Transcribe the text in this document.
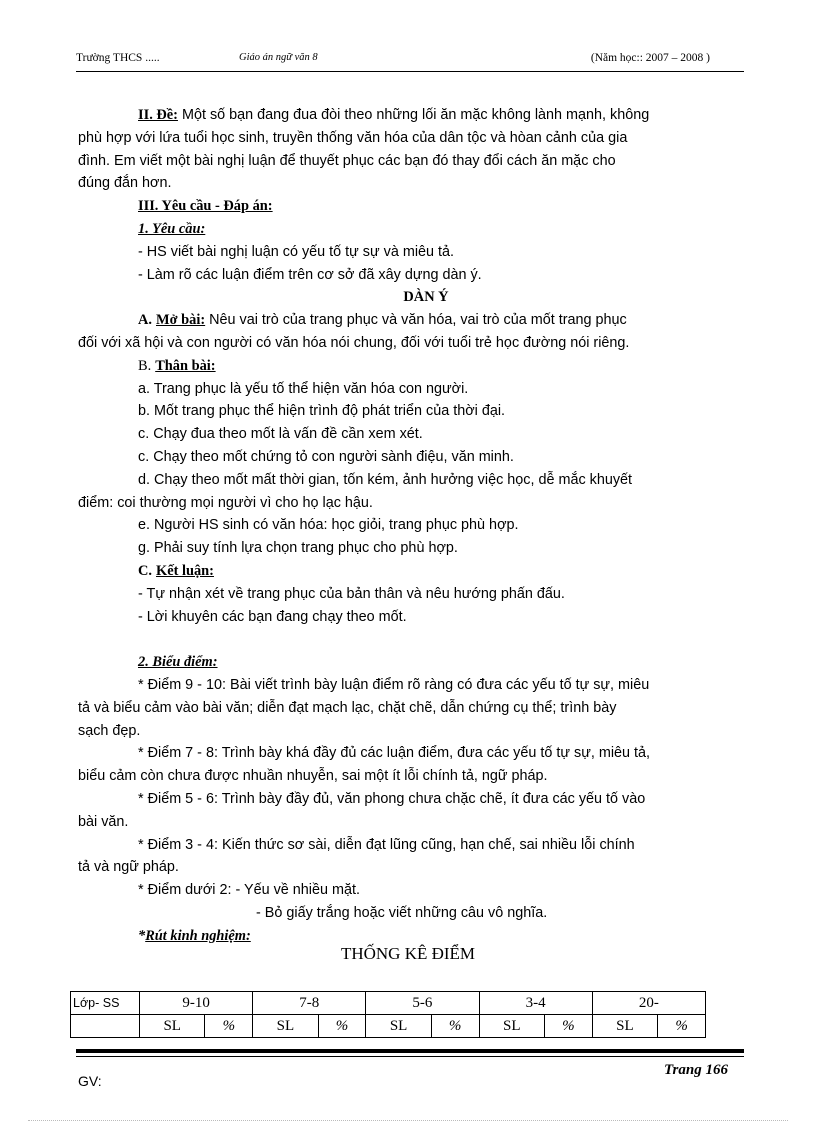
Trường THCS .....	Giáo án ngữ văn 8	(Năm học:: 2007 – 2008 )

II. Đề: Một số bạn đang đua đòi theo những lối ăn mặc không lành mạnh, không

phù hợp với lứa tuổi học sinh, truyền thống văn hóa của dân tộc và hòan cảnh của gia

đình. Em viết một bài nghị luận để thuyết phục các bạn đó thay đổi cách ăn mặc cho

đúng đắn hơn.

III. Yêu cầu - Đáp án:

1. Yêu cầu:

- HS viết bài nghị luận có yếu tố tự sự và miêu tả.

- Làm rõ các luận điểm trên cơ sở đã xây dựng dàn ý.

DÀN Ý

A. Mở bài: Nêu vai trò của trang phục và văn hóa, vai trò của mốt trang phục

đối với xã hội và con người có văn hóa nói chung, đối với tuổi trẻ học đường nói riêng.

B. Thân bài:

a. Trang phục là yếu tố thể hiện văn hóa con người.

b. Mốt trang phục thể hiện trình độ phát triển của thời đại.

c. Chạy đua theo mốt là vấn đề cần xem xét.

c. Chạy theo mốt chứng tỏ con người sành điệu, văn minh.

d. Chạy theo mốt mất thời gian, tốn kém, ảnh hưởng việc học, dễ mắc khuyết

điểm: coi thường mọi người vì cho họ lạc hậu.

e. Người HS sinh có văn hóa: học giỏi, trang phục phù hợp.

g. Phải suy tính lựa chọn trang phục cho phù hợp.

C. Kết luận:

- Tự nhận xét về trang phục của bản thân và nêu hướng phấn đấu.

- Lời khuyên các bạn đang chạy theo mốt.

2. Biểu điểm:

* Điểm 9 - 10: Bài viết trình bày luận điểm rõ ràng có đưa các yếu tố tự sự, miêu

tả và biểu cảm vào bài văn; diễn đạt mạch lạc, chặt chẽ, dẫn chứng cụ thể; trình bày

sạch đẹp.

* Điểm 7 - 8: Trình bày khá đầy đủ các luận điểm, đưa các yếu tố tự sự, miêu tả,

biểu cảm còn chưa được nhuần nhuyễn, sai một ít lỗi chính tả, ngữ pháp.

* Điểm 5 - 6: Trình bày đầy đủ, văn phong chưa chặc chẽ, ít đưa các yếu tố vào

bài văn.

* Điểm 3 - 4: Kiến thức sơ sài, diễn đạt lũng cũng, hạn chế, sai nhiều lỗi chính

tả và ngữ pháp.

* Điểm dưới 2: - Yếu về nhiều mặt.

- Bỏ giấy trắng hoặc viết những câu vô nghĩa.

*Rút kinh nghiệm:

THỐNG KÊ ĐIỂM
Lớp- SS	9-10		7-8		5-6		3-4		20-	
	SL	%	SL	%	SL	%	SL	%	SL	%
GV:
Trang 166
